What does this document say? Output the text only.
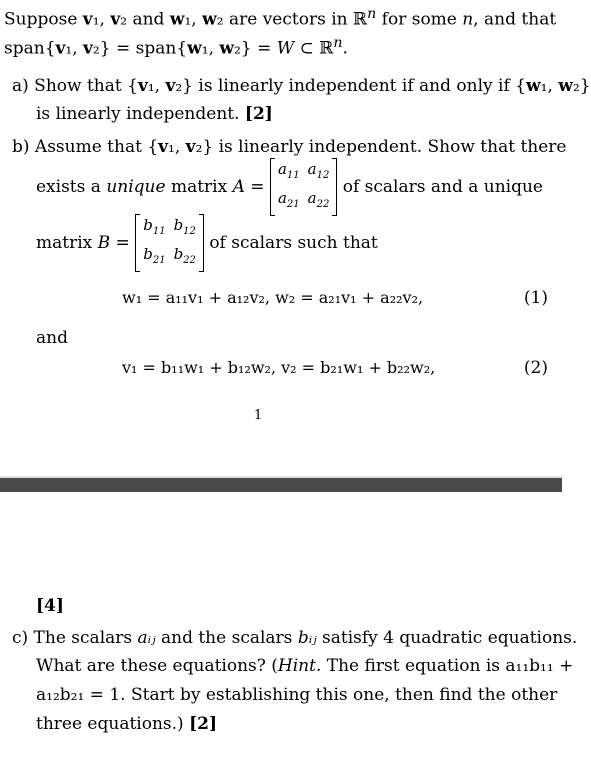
Suppose v₁, v₂ and w₁, w₂ are vectors in ℝ$^n$ for some n, and that
span{v₁, v₂} = span{w₁, w₂} = W ⊂ ℝ$^n$.
a) Show that {v₁, v₂} is linearly independent if and only if {w₁, w₂}
is linearly independent. [2]
b) Assume that {v₁, v₂} is linearly independent. Show that there
exists a unique matrix A =
$a_{11}$	$a_{12}$
$a_{21}$	$a_{22}$
of scalars and a unique
matrix B =
$b_{11}$	$b_{12}$
$b_{21}$	$b_{22}$
of scalars such that
w₁ = a₁₁v₁ + a₁₂v₂, w₂ = a₂₁v₁ + a₂₂v₂,	(1)
and
v₁ = b₁₁w₁ + b₁₂w₂, v₂ = b₂₁w₁ + b₂₂w₂,	(2)
1
[4]
c) The scalars aᵢⱼ and the scalars bᵢⱼ satisfy 4 quadratic equations.
What are these equations? (Hint. The first equation is a₁₁b₁₁ +
a₁₂b₂₁ = 1. Start by establishing this one, then find the other
three equations.) [2]
